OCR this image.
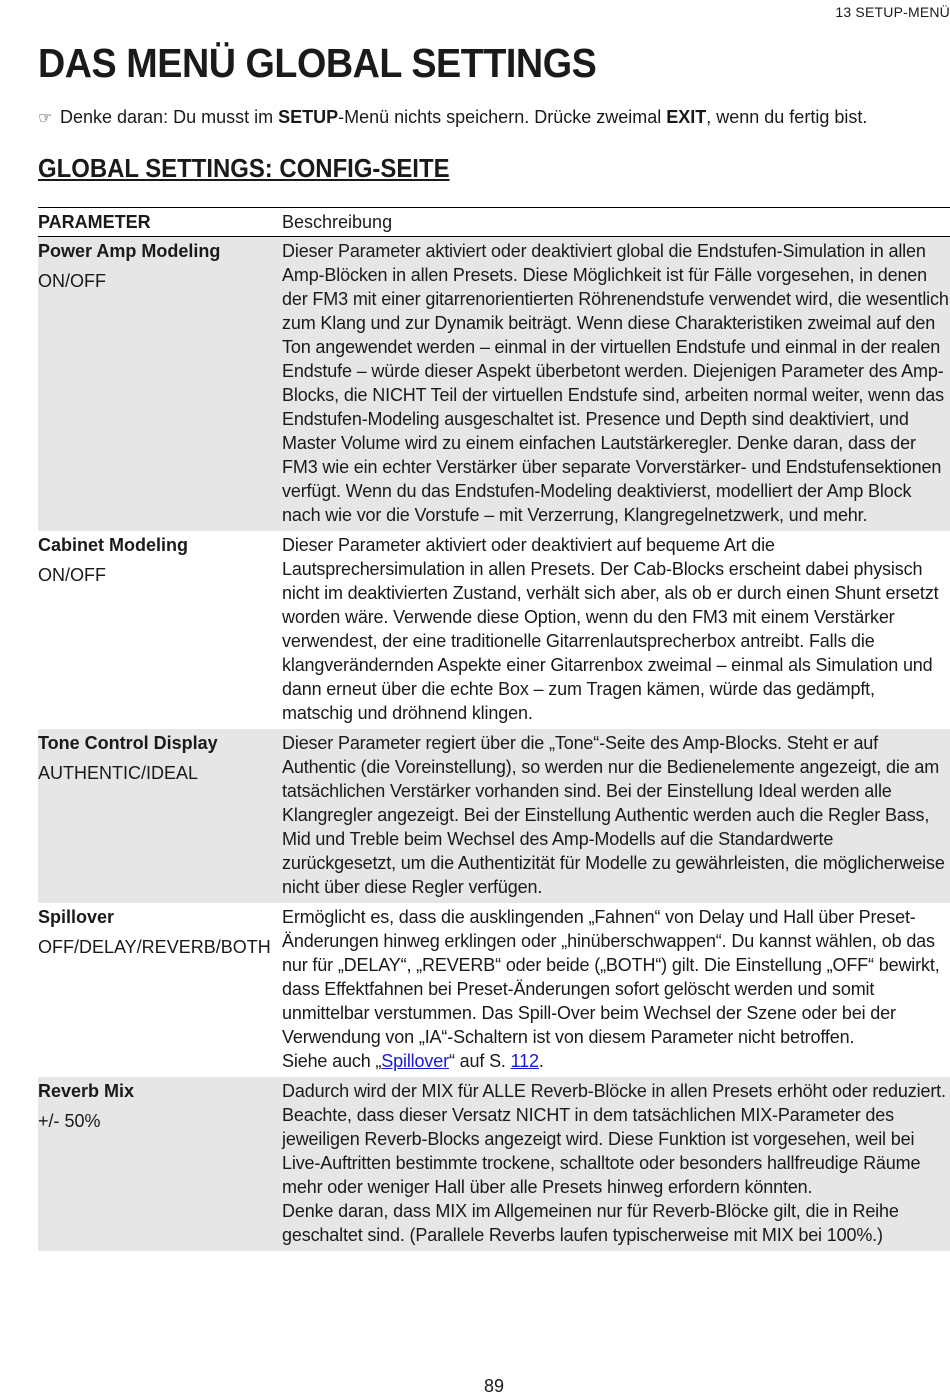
13 SETUP-MENÜ
DAS MENÜ GLOBAL SETTINGS
☞ Denke daran: Du musst im SETUP-Menü nichts speichern. Drücke zweimal EXIT, wenn du fertig bist.
GLOBAL SETTINGS: CONFIG-SEITE
PARAMETER	Beschreibung

Power Amp Modeling
ON/OFF	Dieser Parameter aktiviert oder deaktiviert global die Endstufen-Simulation in allen Amp-Blöcken in allen Presets. Diese Möglichkeit ist für Fälle vorgesehen, in denen der FM3 mit einer gitarrenorientierten Röhrenendstufe verwendet wird, die wesentlich zum Klang und zur Dynamik beiträgt. Wenn diese Charakteristiken zweimal auf den Ton angewendet werden – einmal in der virtuellen Endstufe und einmal in der realen Endstufe – würde dieser Aspekt überbetont werden. Diejenigen Parameter des Amp-Blocks, die NICHT Teil der virtuellen Endstufe sind, arbeiten normal weiter, wenn das Endstufen-Modeling ausgeschaltet ist. Presence und Depth sind deaktiviert, und Master Volume wird zu einem einfachen Lautstärkeregler. Denke daran, dass der FM3 wie ein echter Verstärker über separate Vorverstärker- und Endstufensektionen verfügt. Wenn du das Endstufen-Modeling deaktivierst, modelliert der Amp Block nach wie vor die Vorstufe – mit Verzerrung, Klangregelnetzwerk, und mehr.

Cabinet Modeling
ON/OFF	Dieser Parameter aktiviert oder deaktiviert auf bequeme Art die Lautsprechersimulation in allen Presets. Der Cab-Blocks erscheint dabei physisch nicht im deaktivierten Zustand, verhält sich aber, als ob er durch einen Shunt ersetzt worden wäre. Verwende diese Option, wenn du den FM3 mit einem Verstärker verwendest, der eine traditionelle Gitarrenlautsprecherbox antreibt. Falls die klangverändernden Aspekte einer Gitarrenbox zweimal – einmal als Simulation und dann erneut über die echte Box – zum Tragen kämen, würde das gedämpft, matschig und dröhnend klingen.

Tone Control Display
AUTHENTIC/IDEAL	Dieser Parameter regiert über die „Tone“-Seite des Amp-Blocks. Steht er auf Authentic (die Voreinstellung), so werden nur die Bedienelemente angezeigt, die am tatsächlichen Verstärker vorhanden sind. Bei der Einstellung Ideal werden alle Klangregler angezeigt. Bei der Einstellung Authentic werden auch die Regler Bass, Mid und Treble beim Wechsel des Amp-Modells auf die Standardwerte zurückgesetzt, um die Authentizität für Modelle zu gewährleisten, die möglicherweise nicht über diese Regler verfügen.

Spillover
OFF/DELAY/REVERB/BOTH	Ermöglicht es, dass die ausklingenden „Fahnen“ von Delay und Hall über Preset-Änderungen hinweg erklingen oder „hinüberschwappen“. Du kannst wählen, ob das nur für „DELAY“, „REVERB“ oder beide („BOTH“) gilt. Die Einstellung „OFF“ bewirkt, dass Effektfahnen bei Preset-Änderungen sofort gelöscht werden und somit unmittelbar verstummen. Das Spill-Over beim Wechsel der Szene oder bei der Verwendung von „IA“-Schaltern ist von diesem Parameter nicht betroffen.
Siehe auch „Spillover“ auf S. 112.

Reverb Mix
+/- 50%	Dadurch wird der MIX für ALLE Reverb-Blöcke in allen Presets erhöht oder reduziert. Beachte, dass dieser Versatz NICHT in dem tatsächlichen MIX-Parameter des jeweiligen Reverb-Blocks angezeigt wird. Diese Funktion ist vorgesehen, weil bei Live-Auftritten bestimmte trockene, schalltote oder besonders hallfreudige Räume mehr oder weniger Hall über alle Presets hinweg erfordern könnten.
Denke daran, dass MIX im Allgemeinen nur für Reverb-Blöcke gilt, die in Reihe geschaltet sind. (Parallele Reverbs laufen typischerweise mit MIX bei 100%.)
89
